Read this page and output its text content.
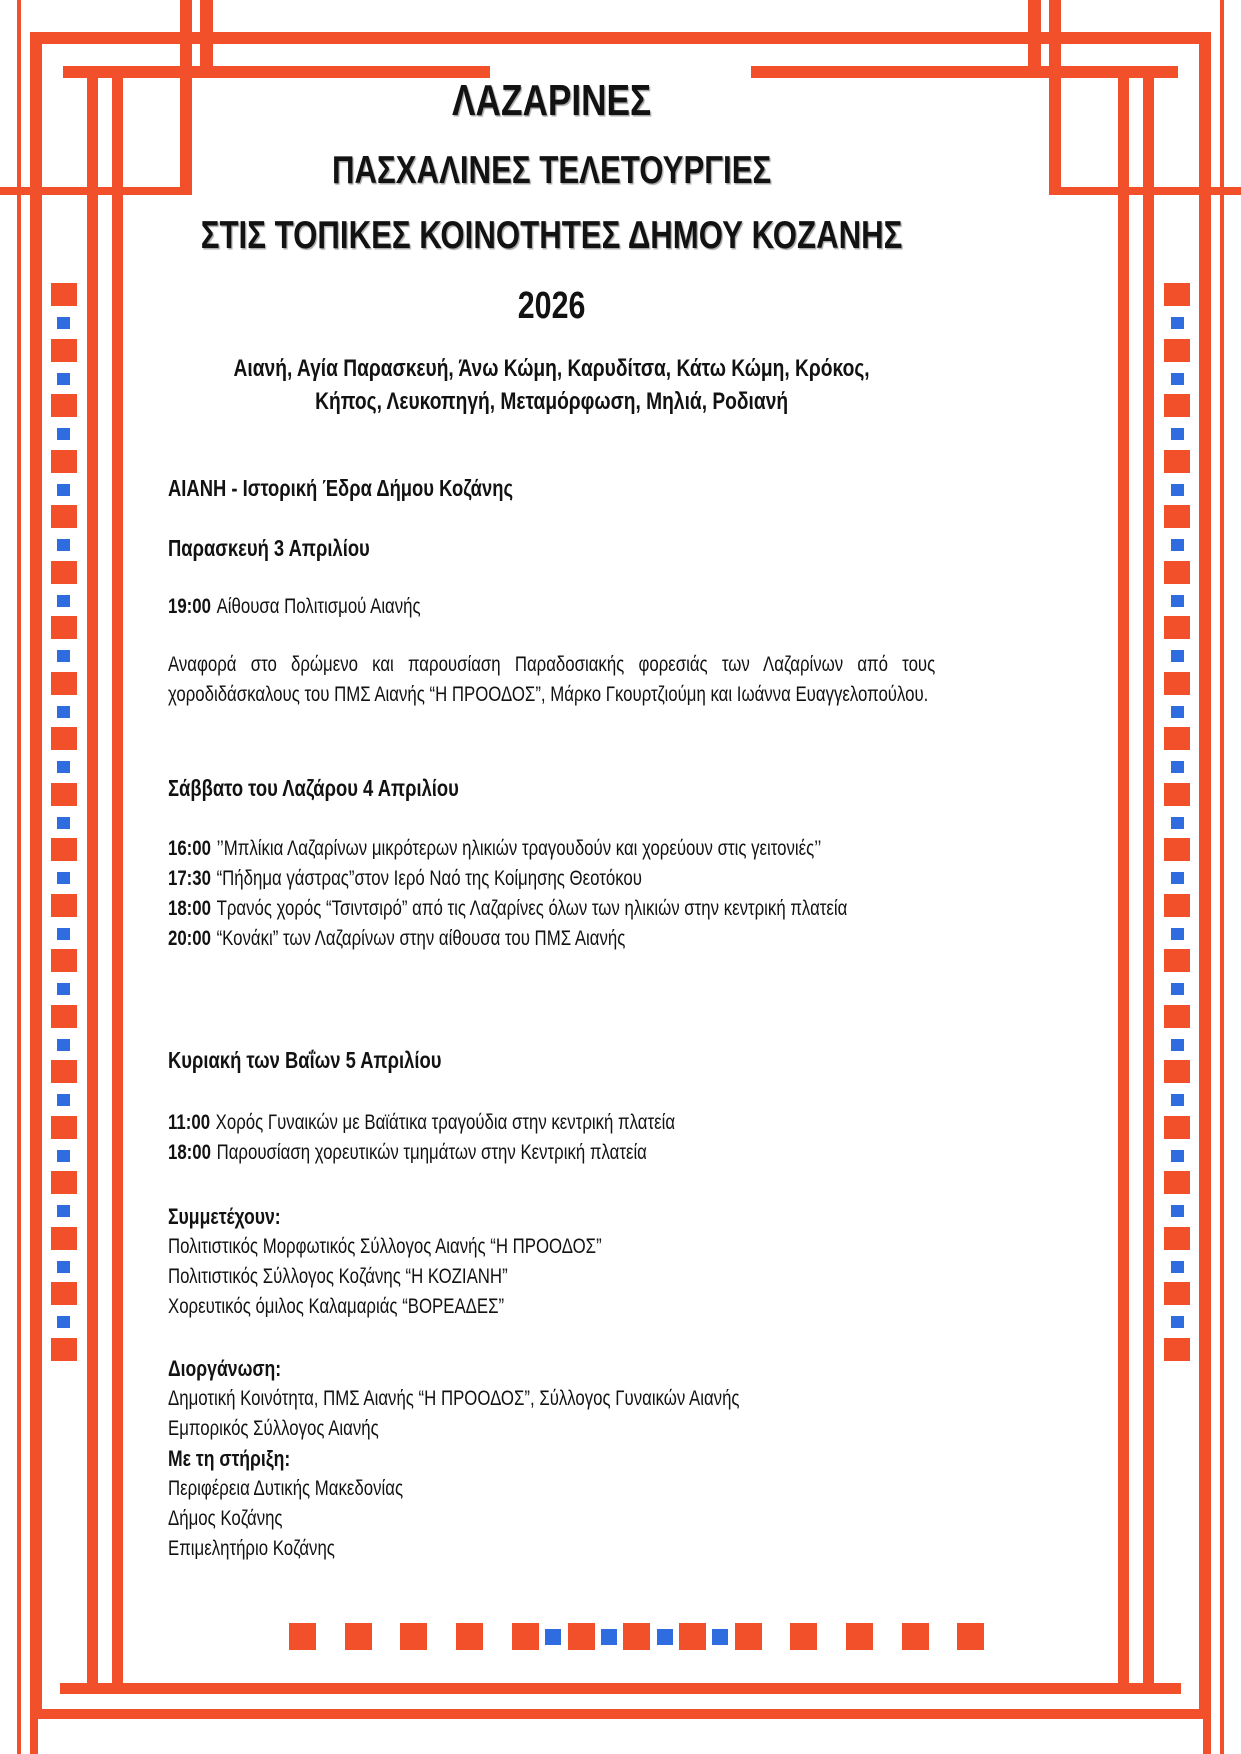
ΛΑΖΑΡΙΝΕΣ
ΠΑΣΧΑΛΙΝΕΣ ΤΕΛΕΤΟΥΡΓΙΕΣ
ΣΤΙΣ ΤΟΠΙΚΕΣ ΚΟΙΝΟΤΗΤΕΣ ΔΗΜΟΥ ΚΟΖΑΝΗΣ
2026
Αιανή, Αγία Παρασκευή, Άνω Κώμη, Καρυδίτσα, Κάτω Κώμη, Κρόκος,
Κήπος, Λευκοπηγή, Μεταμόρφωση, Μηλιά, Ροδιανή
ΑΙΑΝΗ - Ιστορική Έδρα Δήμου Κοζάνης
Παρασκευή 3 Απριλίου
19:00 Αίθουσα Πολιτισμού Αιανής
Αναφορά στο δρώμενο και παρουσίαση Παραδοσιακής φορεσιάς των Λαζαρίνων από τους χοροδιδάσκαλους του ΠΜΣ Αιανής “Η ΠΡΟΟΔΟΣ”, Μάρκο Γκουρτζιούμη και Ιωάννα Ευαγγελοπούλου.
Σάββατο του Λαζάρου 4 Απριλίου
16:00 ’’Μπλίκια Λαζαρίνων μικρότερων ηλικιών τραγουδούν και χορεύουν στις γειτονιές’’
17:30 “Πήδημα γάστρας”στον Ιερό Ναό της Κοίμησης Θεοτόκου
18:00 Τρανός χορός “Τσιντσιρό” από τις Λαζαρίνες όλων των ηλικιών στην κεντρική πλατεία
20:00 “Κονάκι” των Λαζαρίνων στην αίθουσα του ΠΜΣ Αιανής
Κυριακή των Βαΐων 5 Απριλίου
11:00 Χορός Γυναικών με Βαϊάτικα τραγούδια στην κεντρική πλατεία
18:00 Παρουσίαση χορευτικών τμημάτων στην Κεντρική πλατεία
Συμμετέχουν:
Πολιτιστικός Μορφωτικός Σύλλογος Αιανής “Η ΠΡΟΟΔΟΣ”
Πολιτιστικός Σύλλογος Κοζάνης “Η ΚΟΖΙΑΝΗ”
Χορευτικός όμιλος Καλαμαριάς “ΒΟΡΕΑΔΕΣ”
Διοργάνωση:
Δημοτική Κοινότητα, ΠΜΣ Αιανής “Η ΠΡΟΟΔΟΣ”, Σύλλογος Γυναικών Αιανής
Εμπορικός Σύλλογος Αιανής
Με τη στήριξη:
Περιφέρεια Δυτικής Μακεδονίας
Δήμος Κοζάνης
Επιμελητήριο Κοζάνης
